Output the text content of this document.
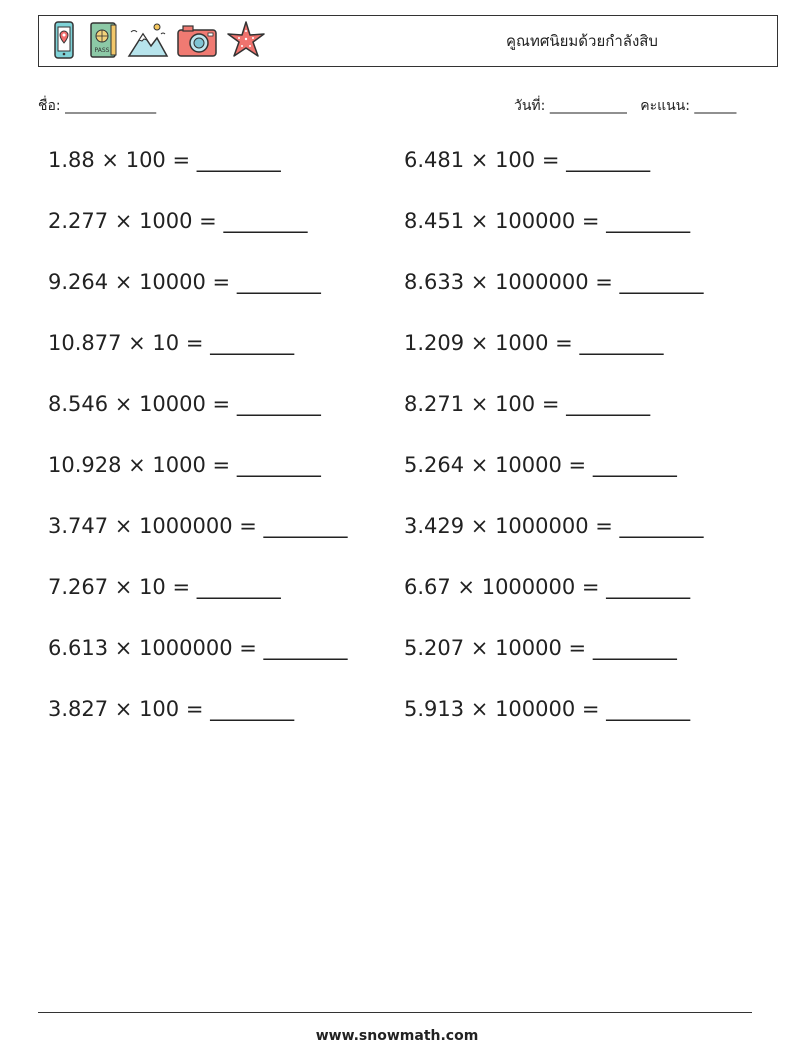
PASS
คูณทศนิยมด้วยกำลังสิบ
ชื่อ: _____________	วันที่: ___________ คะแนน: ______
1.88 × 100 = ________	6.481 × 100 = ________
2.277 × 1000 = ________	8.451 × 100000 = ________
9.264 × 10000 = ________	8.633 × 1000000 = ________
10.877 × 10 = ________	1.209 × 1000 = ________
8.546 × 10000 = ________	8.271 × 100 = ________
10.928 × 1000 = ________	5.264 × 10000 = ________
3.747 × 1000000 = ________	3.429 × 1000000 = ________
7.267 × 10 = ________	6.67 × 1000000 = ________
6.613 × 1000000 = ________	5.207 × 10000 = ________
3.827 × 100 = ________	5.913 × 100000 = ________
www.snowmath.com
